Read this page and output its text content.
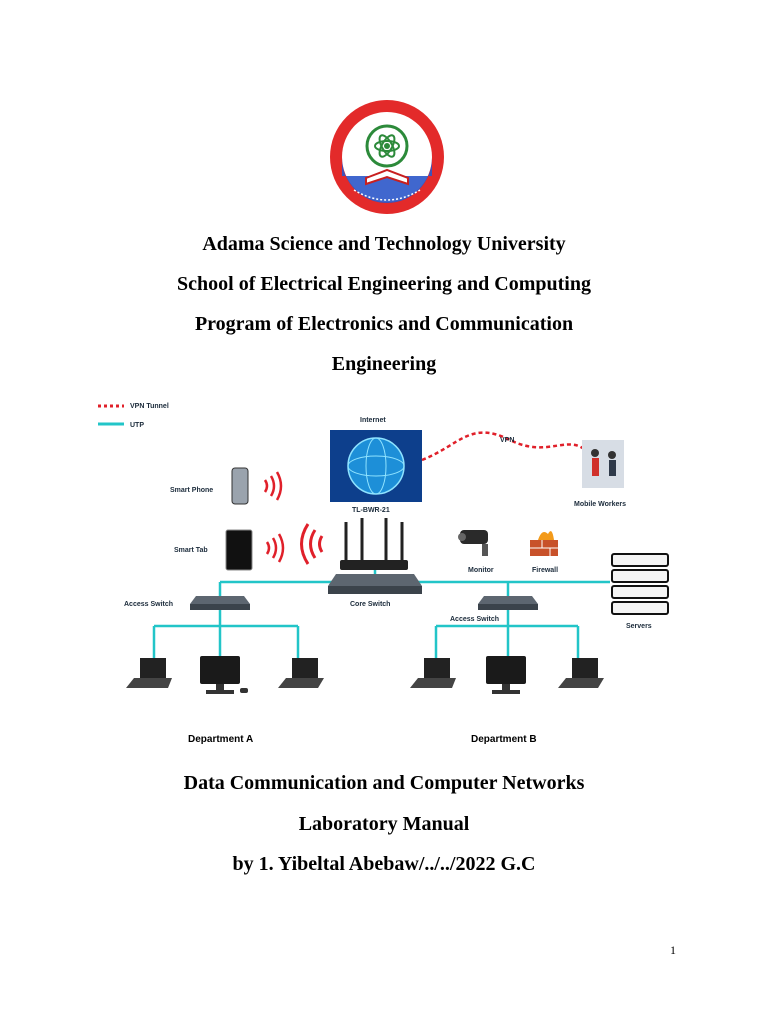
Adama Science and Technology University
School of Electrical Engineering and Computing
Program of Electronics and Communication
Engineering
VPN Tunnel
UTP
Internet
VPN
Mobile Workers
Smart Phone
Smart Tab
TL-BWR-21
Monitor	Firewall
Servers
Core Switch
Access Switch
Access Switch
Department A	Department B
Data Communication and Computer Networks
Laboratory Manual
by 1. Yibeltal Abebaw/../../2022 G.C
1
